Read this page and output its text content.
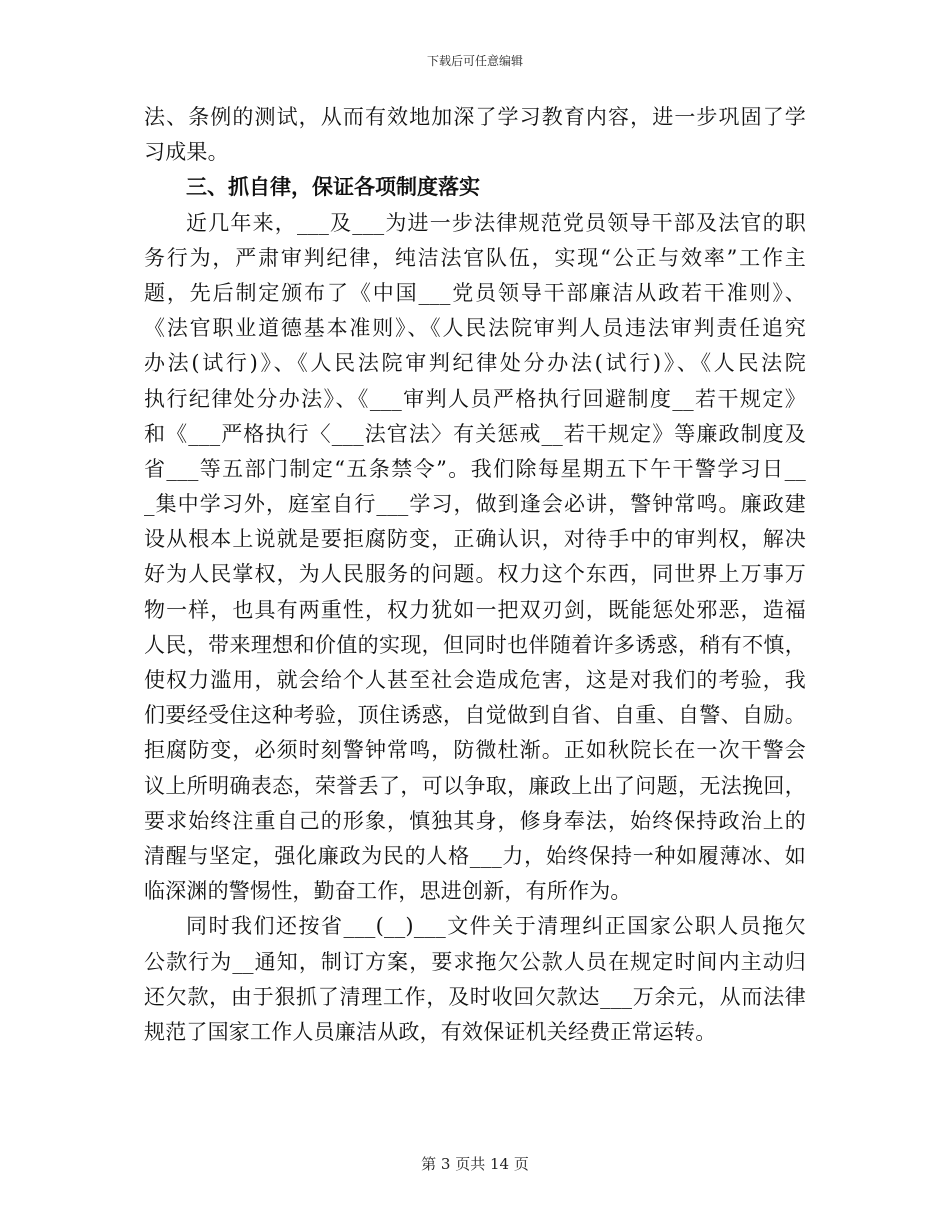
下载后可任意编辑
法、条例的测试，从而有效地加深了学习教育内容，进一步巩固了学
习成果。
三、抓自律，保证各项制度落实
近几年来，___及___为进一步法律规范党员领导干部及法官的职
务行为，严肃审判纪律，纯洁法官队伍，实现“公正与效率”工作主
题，先后制定颁布了《中国___党员领导干部廉洁从政若干准则》、
《法官职业道德基本准则》、《人民法院审判人员违法审判责任追究
办法(试行)》、《人民法院审判纪律处分办法(试行)》、《人民法院
执行纪律处分办法》、《___审判人员严格执行回避制度__若干规定》
和《___严格执行〈___法官法〉有关惩戒__若干规定》等廉政制度及
省___等五部门制定“五条禁令”。我们除每星期五下午干警学习日__
_集中学习外，庭室自行___学习，做到逢会必讲，警钟常鸣。廉政建
设从根本上说就是要拒腐防变，正确认识，对待手中的审判权，解决
好为人民掌权，为人民服务的问题。权力这个东西，同世界上万事万
物一样，也具有两重性，权力犹如一把双刃剑，既能惩处邪恶，造福
人民，带来理想和价值的实现，但同时也伴随着许多诱惑，稍有不慎，
使权力滥用，就会给个人甚至社会造成危害，这是对我们的考验，我
们要经受住这种考验，顶住诱惑，自觉做到自省、自重、自警、自励。
拒腐防变，必须时刻警钟常鸣，防微杜渐。正如秋院长在一次干警会
议上所明确表态，荣誉丢了，可以争取，廉政上出了问题，无法挽回，
要求始终注重自己的形象，慎独其身，修身奉法，始终保持政治上的
清醒与坚定，强化廉政为民的人格___力，始终保持一种如履薄冰、如
临深渊的警惕性，勤奋工作，思进创新，有所作为。
同时我们还按省___(__)___文件关于清理纠正国家公职人员拖欠
公款行为__通知，制订方案，要求拖欠公款人员在规定时间内主动归
还欠款，由于狠抓了清理工作，及时收回欠款达___万余元，从而法律
规范了国家工作人员廉洁从政，有效保证机关经费正常运转。
第 3 页共 14 页
